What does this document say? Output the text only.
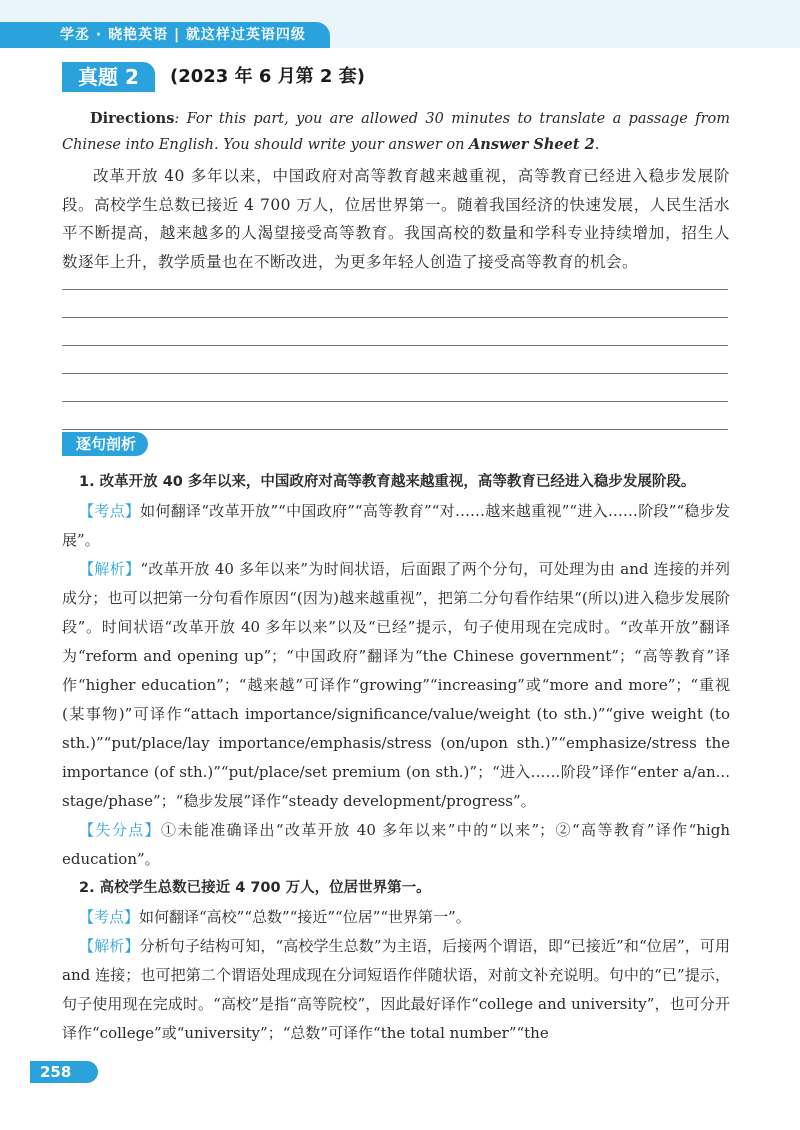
学丞 · 晓艳英语 | 就这样过英语四级
真题 2 (2023 年 6 月第 2 套)
Directions: For this part, you are allowed 30 minutes to translate a passage from Chinese into English. You should write your answer on Answer Sheet 2.
改革开放 40 多年以来，中国政府对高等教育越来越重视，高等教育已经进入稳步发展阶段。高校学生总数已接近 4 700 万人，位居世界第一。随着我国经济的快速发展，人民生活水平不断提高，越来越多的人渴望接受高等教育。我国高校的数量和学科专业持续增加，招生人数逐年上升，教学质量也在不断改进，为更多年轻人创造了接受高等教育的机会。
逐句剖析

1. 改革开放 40 多年以来，中国政府对高等教育越来越重视，高等教育已经进入稳步发展阶段。

【考点】如何翻译“改革开放”“中国政府”“高等教育”“对……越来越重视”“进入……阶段”“稳步发展”。

【解析】“改革开放 40 多年以来”为时间状语，后面跟了两个分句，可处理为由 and 连接的并列成分；也可以把第一分句看作原因“(因为)越来越重视”，把第二分句看作结果“(所以)进入稳步发展阶段”。时间状语“改革开放 40 多年以来”以及“已经”提示，句子使用现在完成时。“改革开放”翻译为“reform and opening up”；“中国政府”翻译为“the Chinese government”；“高等教育”译作“higher education”；“越来越”可译作“growing”“increasing”或“more and more”；“重视(某事物)”可译作“attach importance/significance/value/weight (to sth.)”“give weight (to sth.)”“put/place/lay importance/emphasis/stress (on/upon sth.)”“emphasize/stress the importance (of sth.)”“put/place/set premium (on sth.)”；“进入……阶段”译作“enter a/an... stage/phase”；“稳步发展”译作“steady development/progress”。

【失分点】①未能准确译出“改革开放 40 多年以来”中的“以来”；②“高等教育”译作“high education”。

2. 高校学生总数已接近 4 700 万人，位居世界第一。

【考点】如何翻译“高校”“总数”“接近”“位居”“世界第一”。

【解析】分析句子结构可知，“高校学生总数”为主语，后接两个谓语，即“已接近”和“位居”，可用 and 连接；也可把第二个谓语处理成现在分词短语作伴随状语，对前文补充说明。句中的“已”提示，句子使用现在完成时。“高校”是指“高等院校”，因此最好译作“college and university”，也可分开译作“college”或“university”；“总数”可译作“the total number”“the

258
